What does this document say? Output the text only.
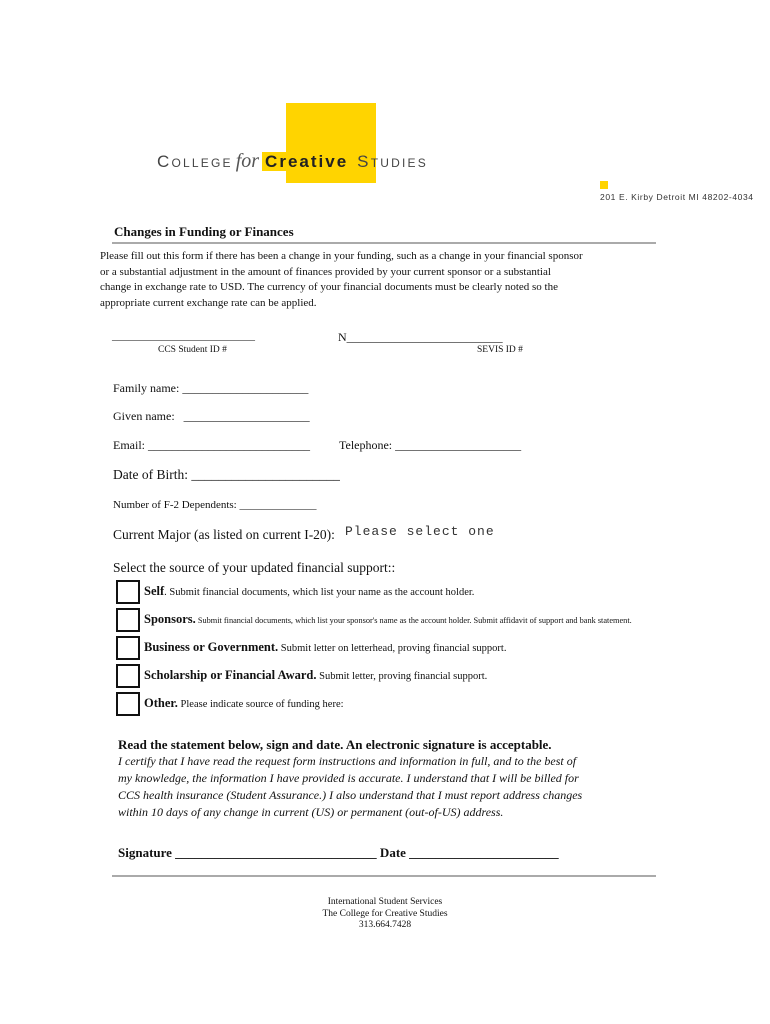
College for Creative Studies
201 E. Kirby Detroit MI 48202-4034
Changes in Funding or Finances
Please fill out this form if there has been a change in your funding, such as a change in your financial sponsor
or a substantial adjustment in the amount of finances provided by your current sponsor or a substantial
change in exchange rate to USD. The currency of your financial documents must be clearly noted so the
appropriate current exchange rate can be applied.
__________________________
CCS Student ID #
N__________________________
SEVIS ID #
Family name: _____________________
Given name:   _____________________
Email: ___________________________ Telephone: _____________________
Date of Birth: ______________________
Number of F-2 Dependents: ______________
Current Major (as listed on current I-20): Please select one
Select the source of your updated financial support::
Self. Submit financial documents, which list your name as the account holder.
Sponsors. Submit financial documents, which list your sponsor's name as the account holder. Submit affidavit of support and bank statement.
Business or Government. Submit letter on letterhead, proving financial support.
Scholarship or Financial Award. Submit letter, proving financial support.
Other. Please indicate source of funding here:
Read the statement below, sign and date. An electronic signature is acceptable.
I certify that I have read the request form instructions and information in full, and to the best of
my knowledge, the information I have provided is accurate. I understand that I will be billed for
CCS health insurance (Student Assurance.) I also understand that I must report address changes
within 10 days of any change in current (US) or permanent (out-of-US) address.
Signature _______________________________ Date _______________________
International Student Services
The College for Creative Studies
313.664.7428
